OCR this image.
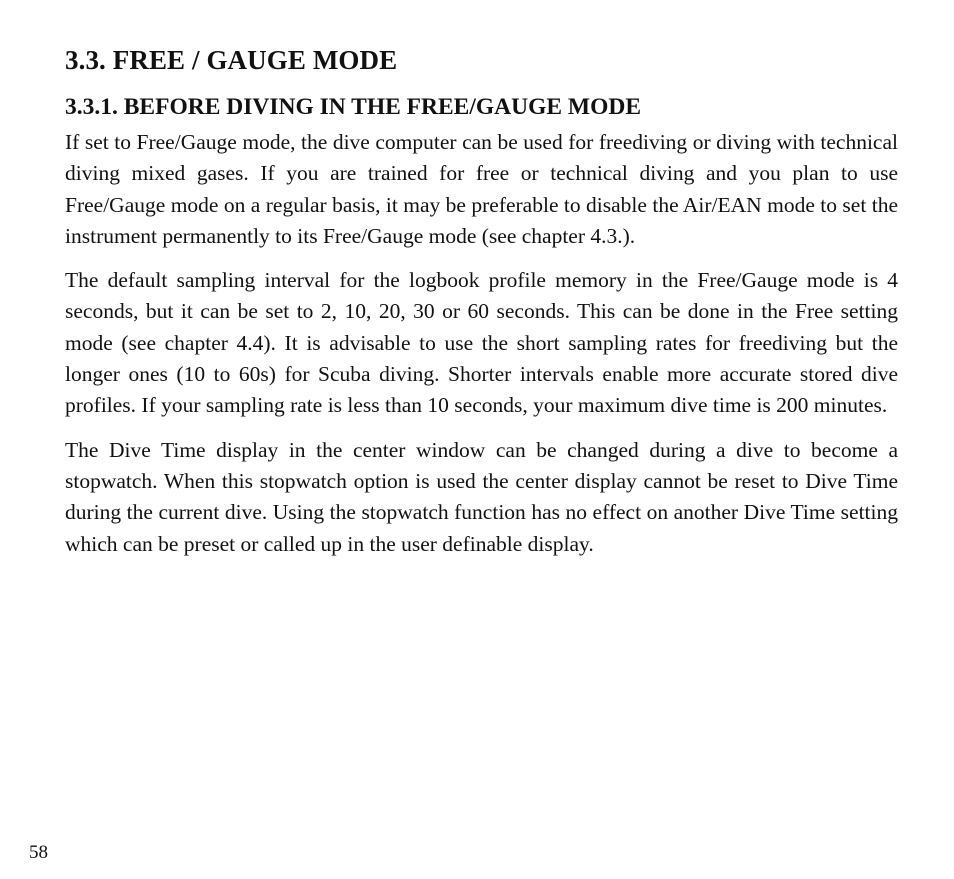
3.3. FREE / GAUGE MODE
3.3.1. BEFORE DIVING IN THE FREE/GAUGE MODE

If set to Free/Gauge mode, the dive computer can be used for freediving or diving with technical diving mixed gases. If you are trained for free or technical diving and you plan to use Free/Gauge mode on a regular basis, it may be preferable to disable the Air/EAN mode to set the instrument permanently to its Free/Gauge mode (see chapter 4.3.).

The default sampling interval for the logbook profile memory in the Free/Gauge mode is 4 seconds, but it can be set to 2, 10, 20, 30 or 60 seconds. This can be done in the Free setting mode (see chapter 4.4). It is advisable to use the short sampling rates for freediving but the longer ones (10 to 60s) for Scuba diving. Shorter intervals enable more accurate stored dive profiles. If your sampling rate is less than 10 seconds, your maximum dive time is 200 minutes.

The Dive Time display in the center window can be changed during a dive to become a stopwatch. When this stopwatch option is used the center display cannot be reset to Dive Time during the current dive. Using the stopwatch function has no effect on another Dive Time setting which can be preset or called up in the user definable display.

58
